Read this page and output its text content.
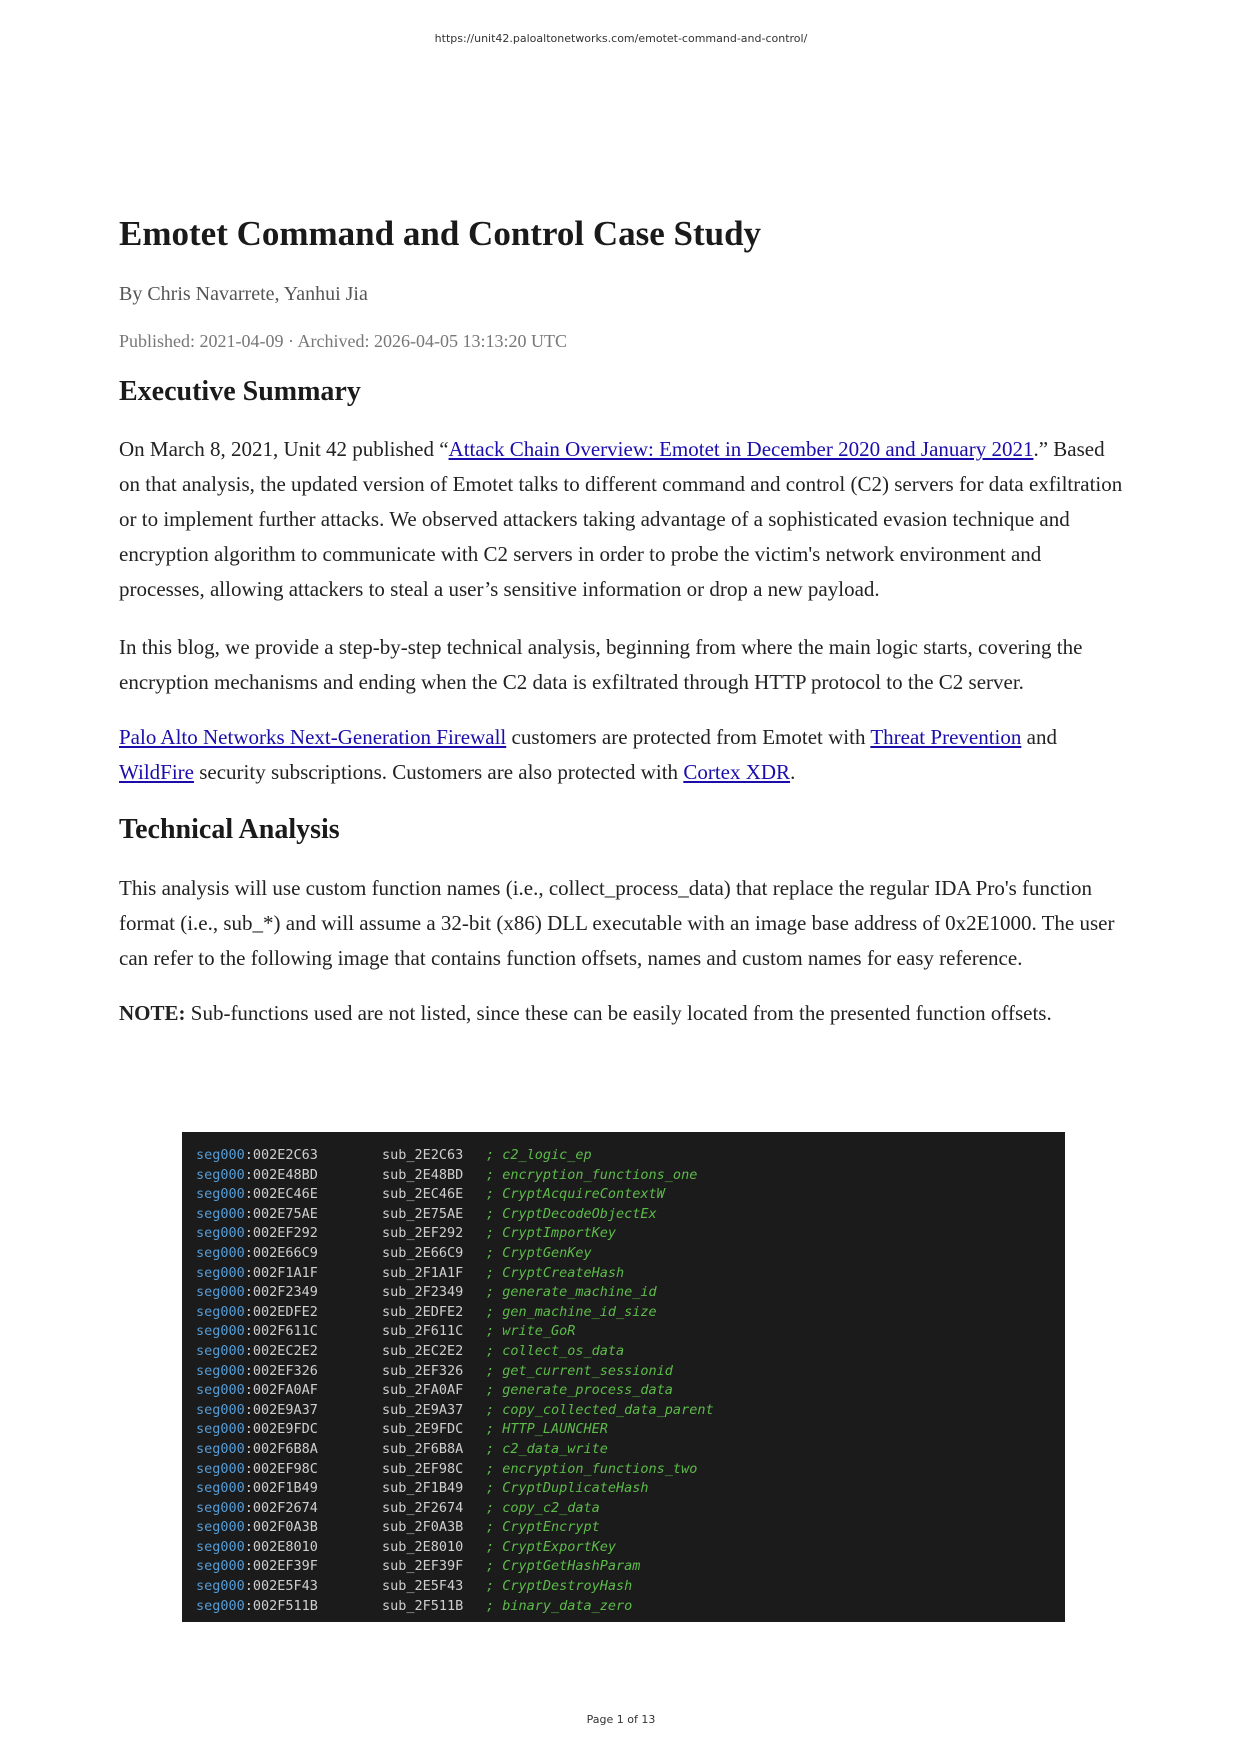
https://unit42.paloaltonetworks.com/emotet-command-and-control/
Emotet Command and Control Case Study
By Chris Navarrete, Yanhui Jia
Published: 2021-04-09 · Archived: 2026-04-05 13:13:20 UTC
Executive Summary

On March 8, 2021, Unit 42 published “Attack Chain Overview: Emotet in December 2020 and January 2021.” Based on that analysis, the updated version of Emotet talks to different command and control (C2) servers for data exfiltration or to implement further attacks. We observed attackers taking advantage of a sophisticated evasion technique and encryption algorithm to communicate with C2 servers in order to probe the victim's network environment and processes, allowing attackers to steal a user’s sensitive information or drop a new payload.

In this blog, we provide a step-by-step technical analysis, beginning from where the main logic starts, covering the encryption mechanisms and ending when the C2 data is exfiltrated through HTTP protocol to the C2 server.

Palo Alto Networks Next-Generation Firewall customers are protected from Emotet with Threat Prevention and WildFire security subscriptions. Customers are also protected with Cortex XDR.

Technical Analysis

This analysis will use custom function names (i.e., collect_process_data) that replace the regular IDA Pro's function format (i.e., sub_*) and will assume a 32-bit (x86) DLL executable with an image base address of 0x2E1000. The user can refer to the following image that contains function offsets, names and custom names for easy reference.

NOTE: Sub-functions used are not listed, since these can be easily located from the presented function offsets.

seg000:002E2C63	sub_2E2C63 ; c2_logic_ep
seg000:002E48BD	sub_2E48BD ; encryption_functions_one
seg000:002EC46E	sub_2EC46E ; CryptAcquireContextW
seg000:002E75AE	sub_2E75AE ; CryptDecodeObjectEx
seg000:002EF292	sub_2EF292 ; CryptImportKey
seg000:002E66C9	sub_2E66C9 ; CryptGenKey
seg000:002F1A1F	sub_2F1A1F ; CryptCreateHash
seg000:002F2349	sub_2F2349 ; generate_machine_id
seg000:002EDFE2	sub_2EDFE2 ; gen_machine_id_size
seg000:002F611C	sub_2F611C ; write_GoR
seg000:002EC2E2	sub_2EC2E2 ; collect_os_data
seg000:002EF326	sub_2EF326 ; get_current_sessionid
seg000:002FA0AF	sub_2FA0AF ; generate_process_data
seg000:002E9A37	sub_2E9A37 ; copy_collected_data_parent
seg000:002E9FDC	sub_2E9FDC ; HTTP_LAUNCHER
seg000:002F6B8A	sub_2F6B8A ; c2_data_write
seg000:002EF98C	sub_2EF98C ; encryption_functions_two
seg000:002F1B49	sub_2F1B49 ; CryptDuplicateHash
seg000:002F2674	sub_2F2674 ; copy_c2_data
seg000:002F0A3B	sub_2F0A3B ; CryptEncrypt
seg000:002E8010	sub_2E8010 ; CryptExportKey
seg000:002EF39F	sub_2EF39F ; CryptGetHashParam
seg000:002E5F43	sub_2E5F43 ; CryptDestroyHash
seg000:002F511B	sub_2F511B ; binary_data_zero
Page 1 of 13
